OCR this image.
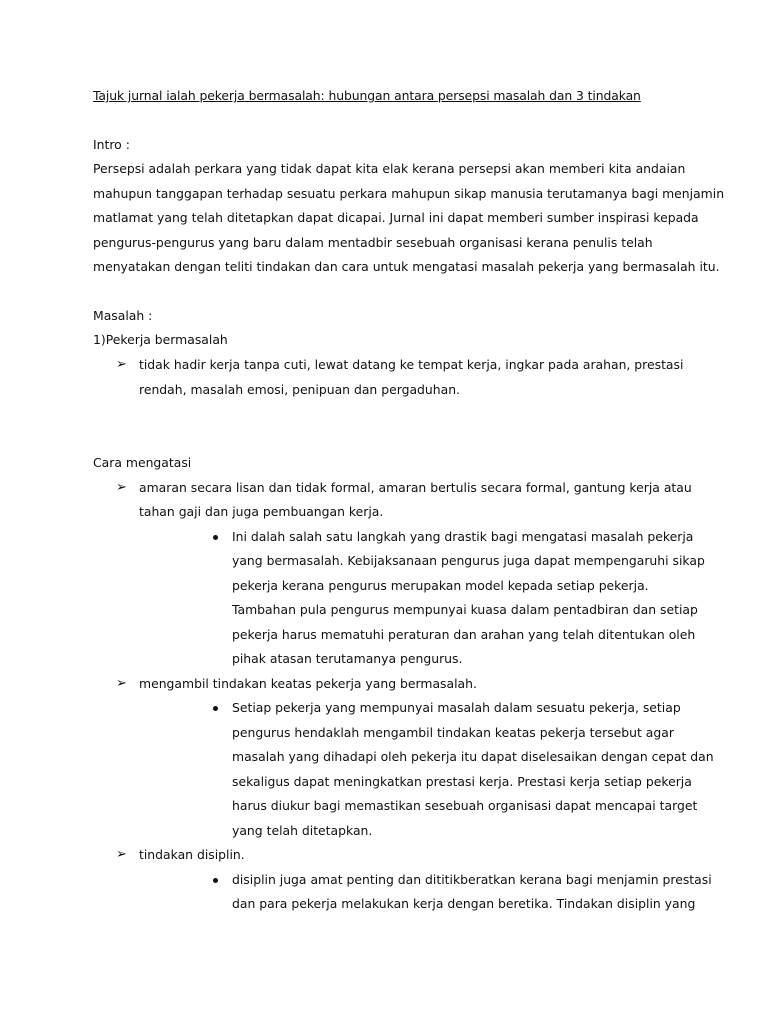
Tajuk jurnal ialah pekerja bermasalah: hubungan antara persepsi masalah dan 3 tindakan
Intro :
Persepsi adalah perkara yang tidak dapat kita elak kerana persepsi akan memberi kita andaian
mahupun tanggapan terhadap sesuatu perkara mahupun sikap manusia terutamanya bagi menjamin
matlamat yang telah ditetapkan dapat dicapai. Jurnal ini dapat memberi sumber inspirasi kepada
pengurus-pengurus yang baru dalam mentadbir sesebuah organisasi kerana penulis telah
menyatakan dengan teliti tindakan dan cara untuk mengatasi masalah pekerja yang bermasalah itu.
Masalah :
1)Pekerja bermasalah
➢ tidak hadir kerja tanpa cuti, lewat datang ke tempat kerja, ingkar pada arahan, prestasi
rendah, masalah emosi, penipuan dan pergaduhan.
Cara mengatasi
➢ amaran secara lisan dan tidak formal, amaran bertulis secara formal, gantung kerja atau
tahan gaji dan juga pembuangan kerja.
Ini dalah salah satu langkah yang drastik bagi mengatasi masalah pekerja
yang bermasalah. Kebijaksanaan pengurus juga dapat mempengaruhi sikap
pekerja kerana pengurus merupakan model kepada setiap pekerja.
Tambahan pula pengurus mempunyai kuasa dalam pentadbiran dan setiap
pekerja harus mematuhi peraturan dan arahan yang telah ditentukan oleh
pihak atasan terutamanya pengurus.
➢ mengambil tindakan keatas pekerja yang bermasalah.
Setiap pekerja yang mempunyai masalah dalam sesuatu pekerja, setiap
pengurus hendaklah mengambil tindakan keatas pekerja tersebut agar
masalah yang dihadapi oleh pekerja itu dapat diselesaikan dengan cepat dan
sekaligus dapat meningkatkan prestasi kerja. Prestasi kerja setiap pekerja
harus diukur bagi memastikan sesebuah organisasi dapat mencapai target
yang telah ditetapkan.
➢ tindakan disiplin.
disiplin juga amat penting dan dititikberatkan kerana bagi menjamin prestasi
dan para pekerja melakukan kerja dengan beretika. Tindakan disiplin yang
